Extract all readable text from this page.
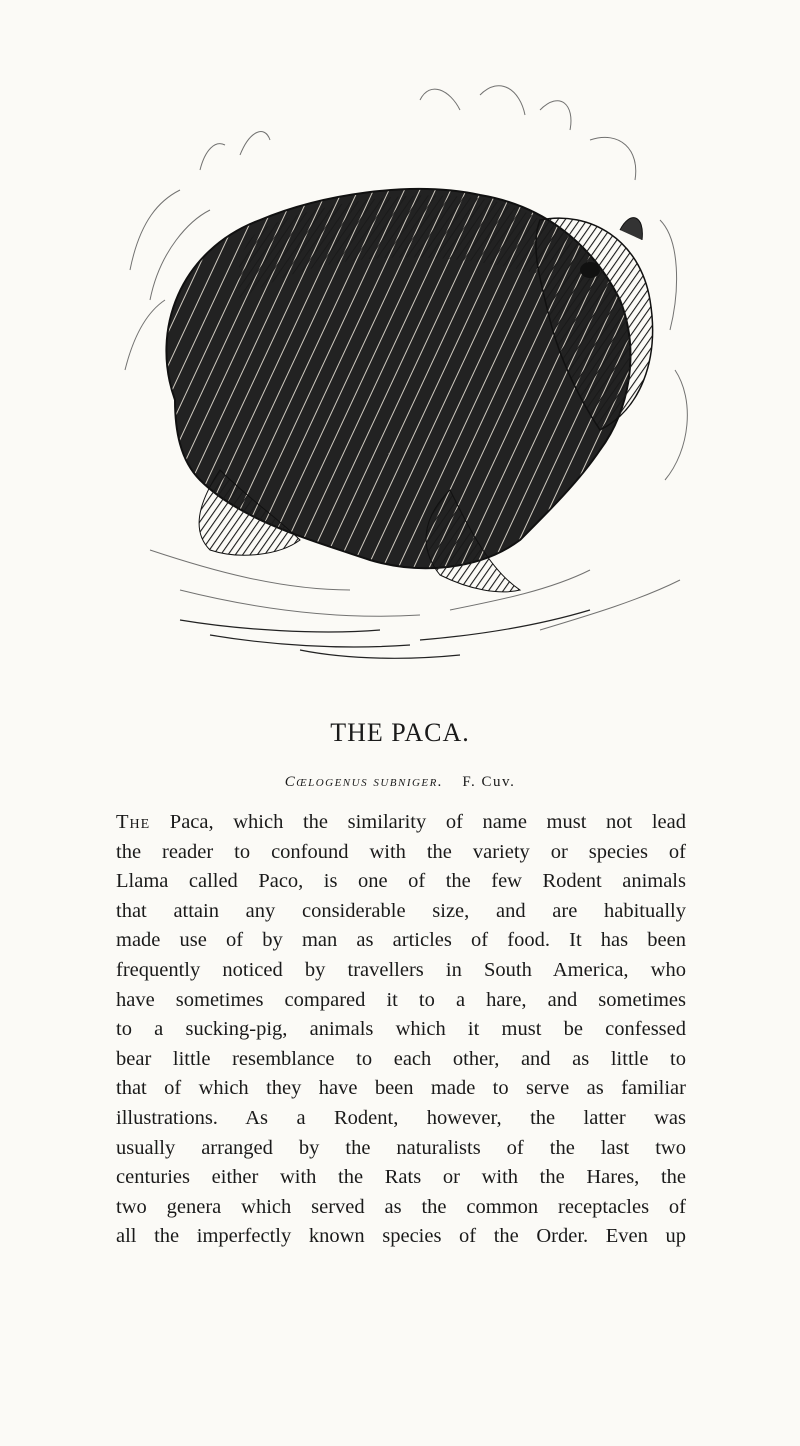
THE PACA.
Cœlogenus subniger. F. Cuv.
The Paca, which the similarity of name must not lead
the reader to confound with the variety or species of
Llama called Paco, is one of the few Rodent animals
that attain any considerable size, and are habitually
made use of by man as articles of food. It has been
frequently noticed by travellers in South America, who
have sometimes compared it to a hare, and sometimes
to a sucking-pig, animals which it must be confessed
bear little resemblance to each other, and as little to
that of which they have been made to serve as familiar
illustrations. As a Rodent, however, the latter was
usually arranged by the naturalists of the last two
centuries either with the Rats or with the Hares, the
two genera which served as the common receptacles of
all the imperfectly known species of the Order. Even up
